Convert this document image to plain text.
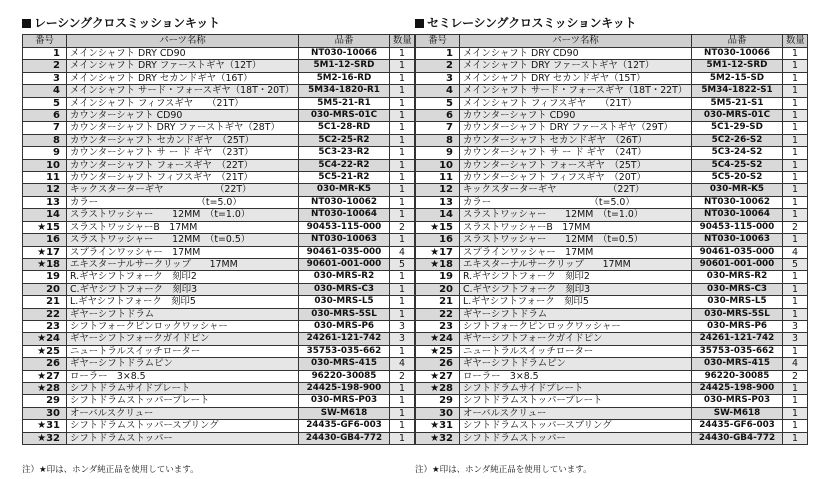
レーシングクロスミッションキット
番号	パーツ名称	品番	数量
1	メインシャフト DRY CD90	NT030-10066	1
2	メインシャフト DRY ファーストギヤ（12T）	5M1-12-SRD	1
3	メインシャフト DRY セカンドギヤ（16T）	5M2-16-RD	1
4	メインシャフト サード・フォースギヤ（18T・20T）	5M34-1820-R1	1
5	メインシャフト フィフスギヤ　　（21T）	5M5-21-R1	1
6	カウンターシャフト CD90	030-MRS-01C	1
7	カウンターシャフト DRY ファーストギヤ（28T）	5C1-28-RD	1
8	カウンターシャフト セカンドギヤ　（25T）	5C2-25-R2	1
9	カウンターシャフト サ ー ド ギヤ　（23T）	5C3-23-R2	1
10	カウンターシャフト フォースギヤ　（22T）	5C4-22-R2	1
11	カウンターシャフト フィフスギヤ　（21T）	5C5-21-R2	1
12	キックスターターギヤ　　　　　　（22T）	030-MR-K5	1
13	カラー　　　　　　　　　　　（t=5.0）	NT030-10062	1
14	スラストワッシャー　　12MM　（t=1.0）	NT030-10064	1
★15	スラストワッシャーB　17MM	90453-115-000	2
16	スラストワッシャー　　12MM　（t=0.5）	NT030-10063	1
★17	スプラインワッシャー　17MM	90461-035-000	4
★18	エキスターナルサークリップ　　17MM	90601-001-000	5
19	R.ギヤシフトフォーク　刻印2	030-MRS-R2	1
20	C.ギヤシフトフォーク　刻印3	030-MRS-C3	1
21	L.ギヤシフトフォーク　刻印5	030-MRS-L5	1
22	ギヤーシフトドラム	030-MRS-5SL	1
23	シフトフォークピンロックワッシャー	030-MRS-P6	3
★24	ギヤーシフトフォークガイドピン	24261-121-742	3
★25	ニュートラルスイッチローター	35753-035-662	1
26	ギヤーシフトドラムピン	030-MRS-415	4
★27	ローラー　3×8.5	96220-30085	2
★28	シフトドラムサイドプレート	24425-198-900	1
29	シフトドラムストッパープレート	030-MRS-P03	1
30	オーバルスクリュー	SW-M618	1
★31	シフトドラムストッパースプリング	24435-GF6-003	1
★32	シフトドラムストッパー	24430-GB4-772	1
セミレーシングクロスミッションキット
番号	パーツ名称	品番	数量
1	メインシャフト DRY CD90	NT030-10066	1
2	メインシャフト DRY ファーストギヤ（12T）	5M1-12-SRD	1
3	メインシャフト DRY セカンドギヤ（15T）	5M2-15-SD	1
4	メインシャフト サード・フォースギヤ（18T・22T）	5M34-1822-S1	1
5	メインシャフト フィフスギヤ　　（21T）	5M5-21-S1	1
6	カウンターシャフト CD90	030-MRS-01C	1
7	カウンターシャフト DRY ファーストギヤ（29T）	5C1-29-SD	1
8	カウンターシャフト セカンドギヤ　（26T）	5C2-26-S2	1
9	カウンターシャフト サ ー ド ギヤ　（24T）	5C3-24-S2	1
10	カウンターシャフト フォースギヤ　（25T）	5C4-25-S2	1
11	カウンターシャフト フィフスギヤ　（20T）	5C5-20-S2	1
12	キックスターターギヤ　　　　　　（22T）	030-MR-K5	1
13	カラー　　　　　　　　　　　（t=5.0）	NT030-10062	1
14	スラストワッシャー　　12MM　（t=1.0）	NT030-10064	1
★15	スラストワッシャーB　17MM	90453-115-000	2
16	スラストワッシャー　　12MM　（t=0.5）	NT030-10063	1
★17	スプラインワッシャー　17MM	90461-035-000	4
★18	エキスターナルサークリップ　　17MM	90601-001-000	5
19	R.ギヤシフトフォーク　刻印2	030-MRS-R2	1
20	C.ギヤシフトフォーク　刻印3	030-MRS-C3	1
21	L.ギヤシフトフォーク　刻印5	030-MRS-L5	1
22	ギヤーシフトドラム	030-MRS-5SL	1
23	シフトフォークピンロックワッシャー	030-MRS-P6	3
★24	ギヤーシフトフォークガイドピン	24261-121-742	3
★25	ニュートラルスイッチローター	35753-035-662	1
26	ギヤーシフトドラムピン	030-MRS-415	4
★27	ローラー　3×8.5	96220-30085	2
★28	シフトドラムサイドプレート	24425-198-900	1
29	シフトドラムストッパープレート	030-MRS-P03	1
30	オーバルスクリュー	SW-M618	1
★31	シフトドラムストッパースプリング	24435-GF6-003	1
★32	シフトドラムストッパー	24430-GB4-772	1
注）★印は、ホンダ純正品を使用しています。	注）★印は、ホンダ純正品を使用しています。
